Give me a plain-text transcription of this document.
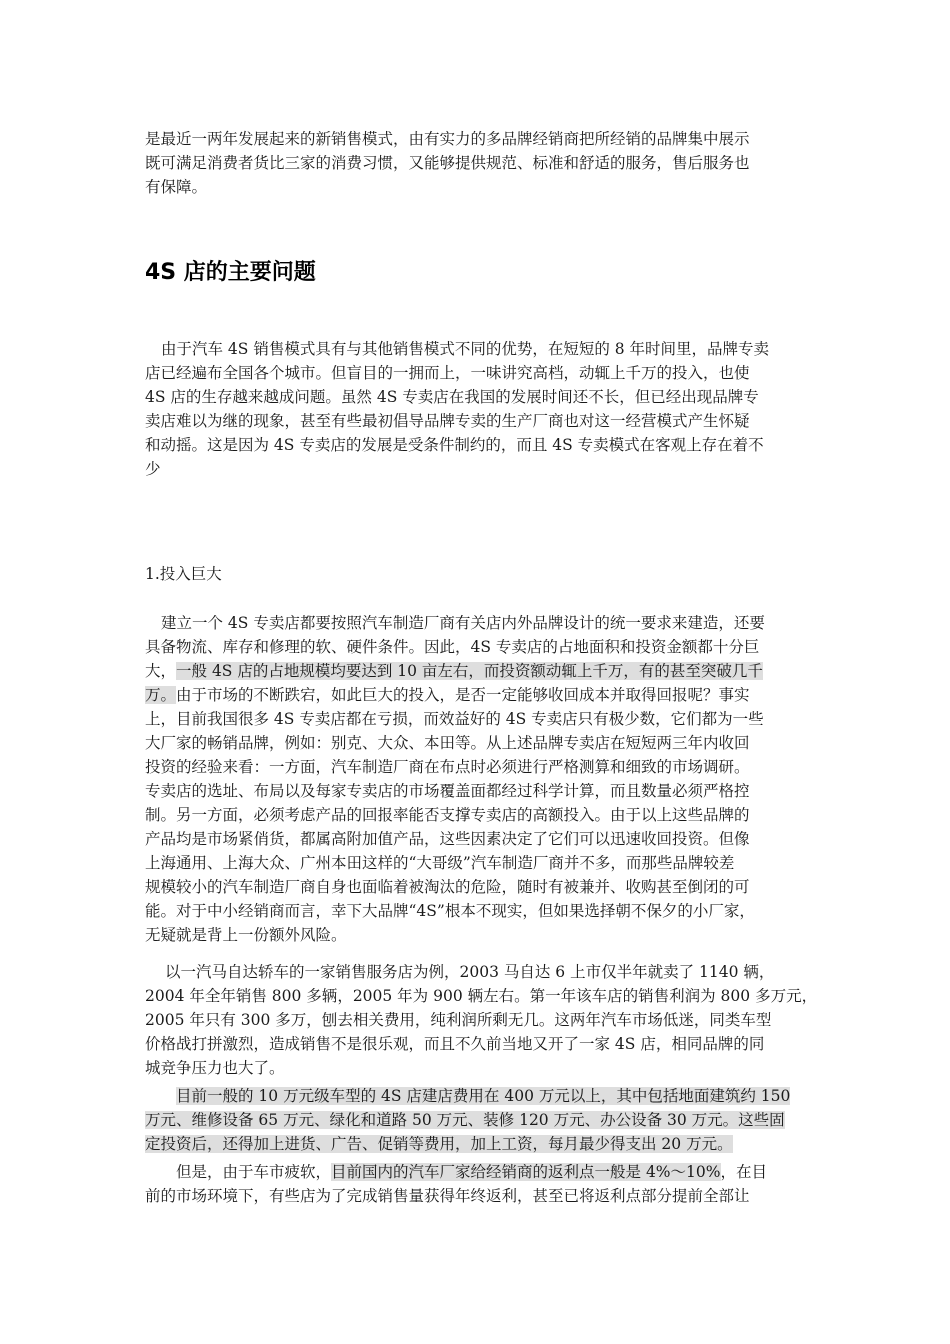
是最近一两年发展起来的新销售模式，由有实力的多品牌经销商把所经销的品牌集中展示
既可满足消费者货比三家的消费习惯，又能够提供规范、标准和舒适的服务，售后服务也
有保障。
4S 店的主要问题
由于汽车 4S 销售模式具有与其他销售模式不同的优势，在短短的 8 年时间里，品牌专卖
店已经遍布全国各个城市。但盲目的一拥而上，一味讲究高档，动辄上千万的投入，也使
4S 店的生存越来越成问题。虽然 4S 专卖店在我国的发展时间还不长，但已经出现品牌专
卖店难以为继的现象，甚至有些最初倡导品牌专卖的生产厂商也对这一经营模式产生怀疑
和动摇。这是因为 4S 专卖店的发展是受条件制约的，而且 4S 专卖模式在客观上存在着不
少
1.投入巨大
建立一个 4S 专卖店都要按照汽车制造厂商有关店内外品牌设计的统一要求来建造，还要
具备物流、库存和修理的软、硬件条件。因此，4S 专卖店的占地面积和投资金额都十分巨
大，一般 4S 店的占地规模均要达到 10 亩左右，而投资额动辄上千万，有的甚至突破几千
万。由于市场的不断跌宕，如此巨大的投入，是否一定能够收回成本并取得回报呢？事实
上，目前我国很多 4S 专卖店都在亏损，而效益好的 4S 专卖店只有极少数，它们都为一些
大厂家的畅销品牌，例如：别克、大众、本田等。从上述品牌专卖店在短短两三年内收回
投资的经验来看：一方面，汽车制造厂商在布点时必须进行严格测算和细致的市场调研。
专卖店的选址、布局以及每家专卖店的市场覆盖面都经过科学计算，而且数量必须严格控
制。另一方面，必须考虑产品的回报率能否支撑专卖店的高额投入。由于以上这些品牌的
产品均是市场紧俏货，都属高附加值产品，这些因素决定了它们可以迅速收回投资。但像
上海通用、上海大众、广州本田这样的“大哥级”汽车制造厂商并不多，而那些品牌较差
规模较小的汽车制造厂商自身也面临着被淘汰的危险，随时有被兼并、收购甚至倒闭的可
能。对于中小经销商而言，幸下大品牌“4S”根本不现实，但如果选择朝不保夕的小厂家，
无疑就是背上一份额外风险。
以一汽马自达轿车的一家销售服务店为例，2003 马自达 6 上市仅半年就卖了 1140 辆，
2004 年全年销售 800 多辆，2005 年为 900 辆左右。第一年该车店的销售利润为 800 多万元，
2005 年只有 300 多万，刨去相关费用，纯利润所剩无几。这两年汽车市场低迷，同类车型
价格战打拼激烈，造成销售不是很乐观，而且不久前当地又开了一家 4S 店，相同品牌的同
城竞争压力也大了。
目前一般的 10 万元级车型的 4S 店建店费用在 400 万元以上，其中包括地面建筑约 150
万元、维修设备 65 万元、绿化和道路 50 万元、装修 120 万元、办公设备 30 万元。这些固
定投资后，还得加上进货、广告、促销等费用，加上工资，每月最少得支出 20 万元。
但是，由于车市疲软，目前国内的汽车厂家给经销商的返利点一般是 4%～10%，在目
前的市场环境下，有些店为了完成销售量获得年终返利，甚至已将返利点部分提前全部让
